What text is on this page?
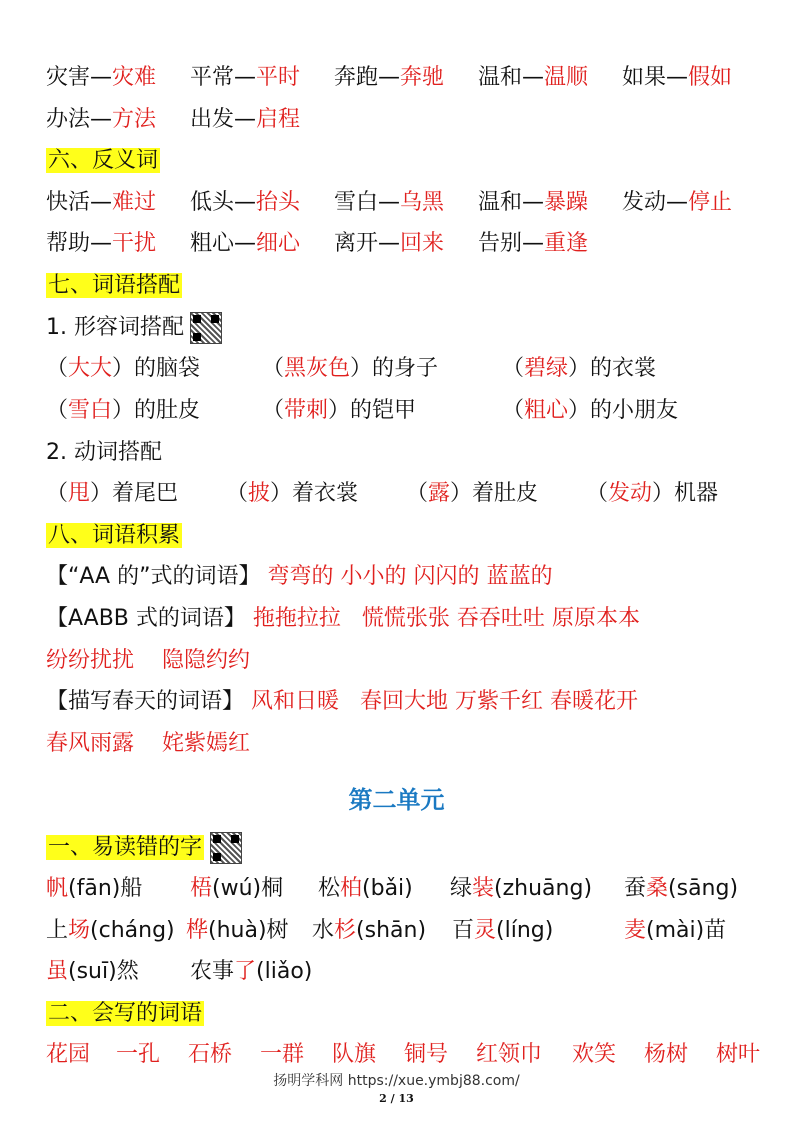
灾害—灾难 平常—平时 奔跑—奔驰 温和—温顺 如果—假如
办法—方法 出发—启程
六、反义词
快活—难过 低头—抬头 雪白—乌黑 温和—暴躁 发动—停止
帮助—干扰 粗心—细心 离开—回来 告别—重逢
七、词语搭配
1. 形容词搭配
（大大）的脑袋	（黑灰色）的身子	（碧绿）的衣裳
（雪白）的肚皮	（带刺）的铠甲	（粗心）的小朋友
2. 动词搭配
（甩）着尾巴 （披）着衣裳 （露）着肚皮 （发动）机器
八、词语积累
【“AA 的”式的词语】 弯弯的 小小的 闪闪的 蓝蓝的
【AABB 式的词语】 拖拖拉拉 慌慌张张 吞吞吐吐 原原本本
纷纷扰扰 隐隐约约
【描写春天的词语】 风和日暖 春回大地 万紫千红 春暖花开
春风雨露 姹紫嫣红
第二单元
一、易读错的字
帆(fān)船 梧(wú)桐 松柏(bǎi) 绿装(zhuāng) 蚕桑(sāng)
上场(cháng) 桦(huà)树 水杉(shān) 百灵(líng)	麦(mài)苗
虽(suī)然 农事了(liǎo)
二、会写的词语
花园 一孔 石桥 一群 队旗 铜号 红领巾 欢笑 杨树 树叶
扬明学科网 https://xue.ymbj88.com/
2 / 13
